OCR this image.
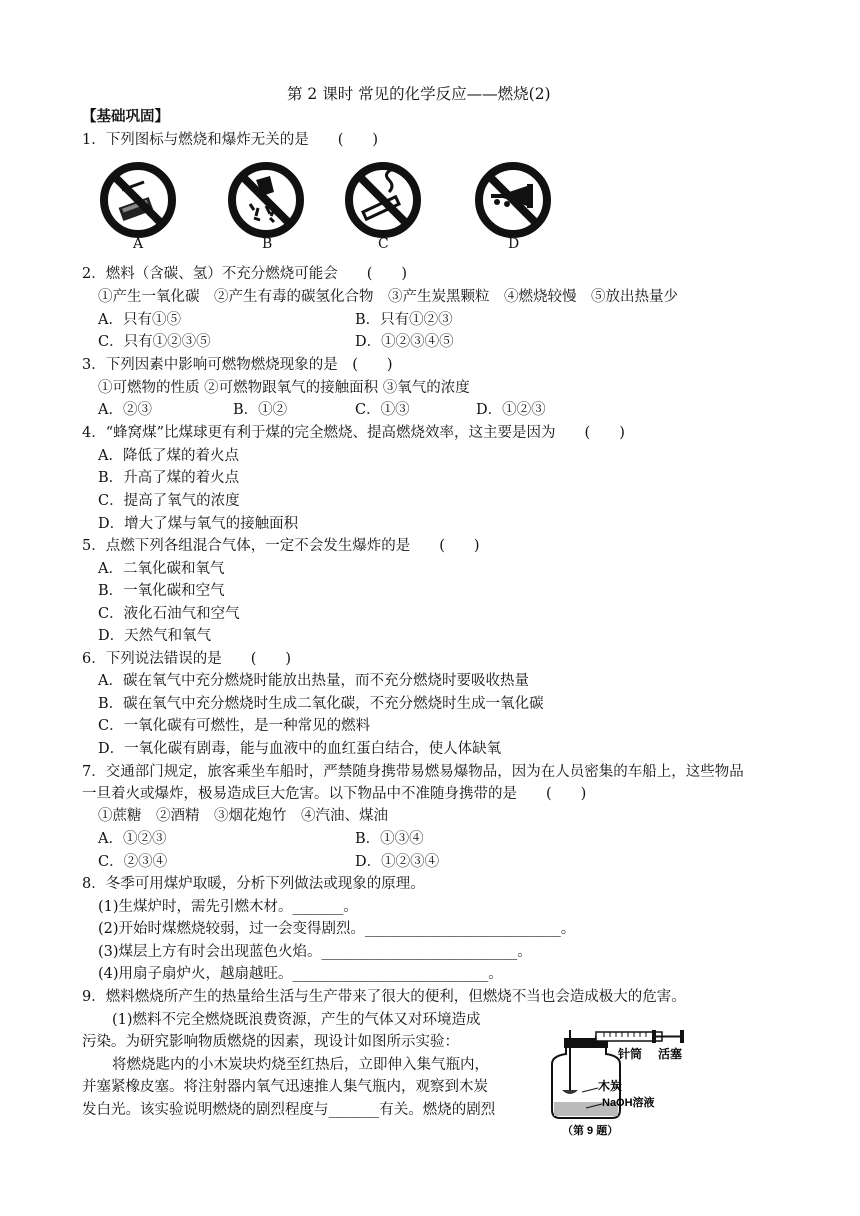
第 2 课时 常见的化学反应——燃烧(2)
【基础巩固】
1．下列图标与燃烧和爆炸无关的是　　(　　)
A	B	C	D
2．燃料（含碳、氢）不充分燃烧可能会　　(　　)
①产生一氧化碳　②产生有毒的碳氢化合物　③产生炭黑颗粒　④燃烧较慢　⑤放出热量少
A．只有①⑤	B．只有①②③
C．只有①②③⑤	D．①②③④⑤
3．下列因素中影响可燃物燃烧现象的是　(　　)
①可燃物的性质 ②可燃物跟氧气的接触面积 ③氧气的浓度
A．②③	B．①②	C．①③	D．①②③
4．“蜂窝煤”比煤球更有利于煤的完全燃烧、提高燃烧效率，这主要是因为　　(　　)
A．降低了煤的着火点
B．升高了煤的着火点
C．提高了氧气的浓度
D．增大了煤与氧气的接触面积
5．点燃下列各组混合气体，一定不会发生爆炸的是　　(　　)
A．二氧化碳和氧气
B．一氧化碳和空气
C．液化石油气和空气
D．天然气和氧气
6．下列说法错误的是　　(　　)
A．碳在氧气中充分燃烧时能放出热量，而不充分燃烧时要吸收热量
B．碳在氧气中充分燃烧时生成二氧化碳，不充分燃烧时生成一氧化碳
C．一氧化碳有可燃性，是一种常见的燃料
D．一氧化碳有剧毒，能与血液中的血红蛋白结合，使人体缺氧
7．交通部门规定，旅客乘坐车船时，严禁随身携带易燃易爆物品，因为在人员密集的车船上，这些物品
一旦着火或爆炸，极易造成巨大危害。以下物品中不准随身携带的是　　(　　)
①蔗糖　②酒精　③烟花炮竹　④汽油、煤油
A．①②③	B．①③④
C．②③④	D．①②③④
8．冬季可用煤炉取暖，分析下列做法或现象的原理。
(1)生煤炉时，需先引燃木材。_______。
(2)开始时煤燃烧较弱，过一会变得剧烈。___________________________。
(3)煤层上方有时会出现蓝色火焰。___________________________。
(4)用扇子扇炉火，越扇越旺。___________________________。
9．燃料燃烧所产生的热量给生活与生产带来了很大的便利，但燃烧不当也会造成极大的危害。
(1)燃料不完全燃烧既浪费资源，产生的气体又对环境造成
污染。为研究影响物质燃烧的因素，现设计如图所示实验：
将燃烧匙内的小木炭块灼烧至红热后，立即伸入集气瓶内，
并塞紧橡皮塞。将注射器内氧气迅速推人集气瓶内，观察到木炭
发白光。该实验说明燃烧的剧烈程度与_______有关。燃烧的剧烈
针筒 活塞
木炭
NaOH溶液
（第 9 题）
